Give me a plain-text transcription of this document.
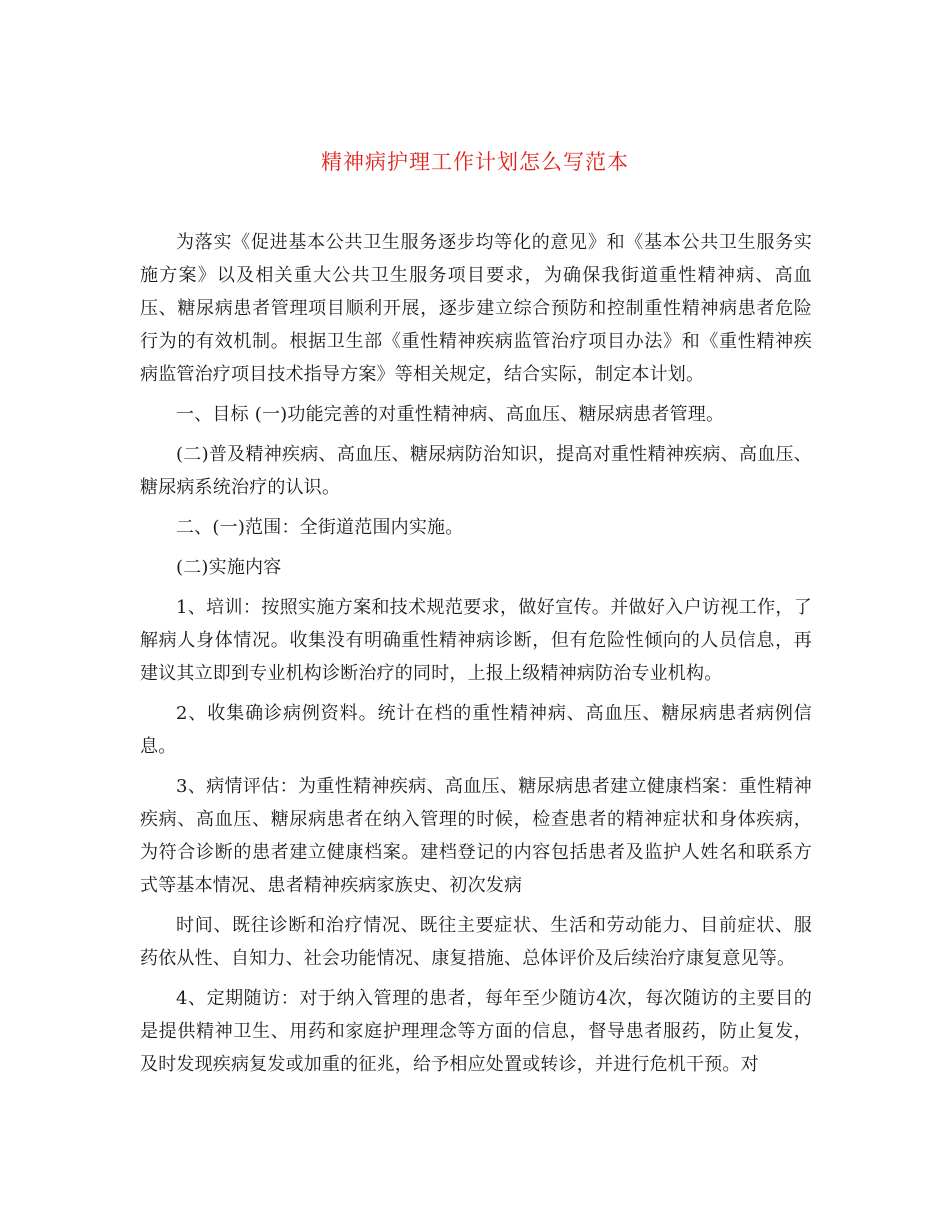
精神病护理工作计划怎么写范本

为落实《促进基本公共卫生服务逐步均等化的意见》和《基本公共卫生服务实施方案》以及相关重大公共卫生服务项目要求，为确保我街道重性精神病、高血压、糖尿病患者管理项目顺利开展，逐步建立综合预防和控制重性精神病患者危险行为的有效机制。根据卫生部《重性精神疾病监管治疗项目办法》和《重性精神疾病监管治疗项目技术指导方案》等相关规定，结合实际，制定本计划。

一、目标 (一)功能完善的对重性精神病、高血压、糖尿病患者管理。

(二)普及精神疾病、高血压、糖尿病防治知识，提高对重性精神疾病、高血压、糖尿病系统治疗的认识。

二、(一)范围：全街道范围内实施。

(二)实施内容

1、培训：按照实施方案和技术规范要求，做好宣传。并做好入户访视工作，了解病人身体情况。收集没有明确重性精神病诊断，但有危险性倾向的人员信息，再建议其立即到专业机构诊断治疗的同时，上报上级精神病防治专业机构。

2、收集确诊病例资料。统计在档的重性精神病、高血压、糖尿病患者病例信息。

3、病情评估：为重性精神疾病、高血压、糖尿病患者建立健康档案：重性精神疾病、高血压、糖尿病患者在纳入管理的时候，检查患者的精神症状和身体疾病，为符合诊断的患者建立健康档案。建档登记的内容包括患者及监护人姓名和联系方式等基本情况、患者精神疾病家族史、初次发病

时间、既往诊断和治疗情况、既往主要症状、生活和劳动能力、目前症状、服药依从性、自知力、社会功能情况、康复措施、总体评价及后续治疗康复意见等。

4、定期随访：对于纳入管理的患者，每年至少随访4次，每次随访的主要目的是提供精神卫生、用药和家庭护理理念等方面的信息，督导患者服药，防止复发，及时发现疾病复发或加重的征兆，给予相应处置或转诊，并进行危机干预。对
